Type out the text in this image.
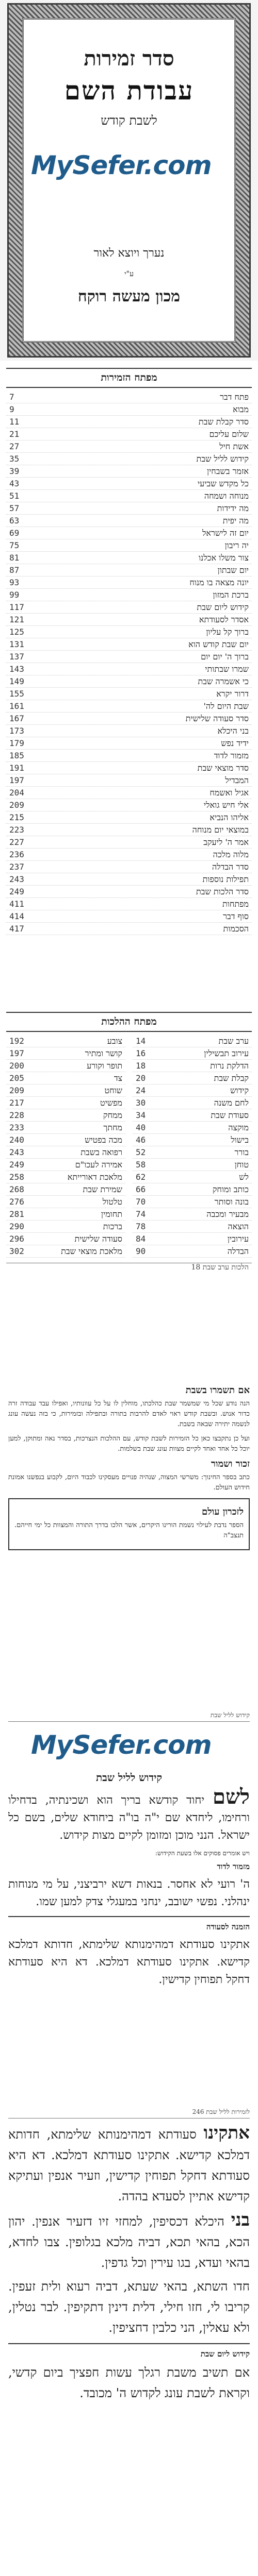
סדר זמירות
עבודת השם
לשבת קודש
נערך ויוצא לאור
ע"י
מכון מעשה רוקח
MySefer.com
מפתח הזמירות
פתח דבר
7
מבוא
9
סדר קבלת שבת
11
שלום עליכם
21
אשת חיל
27
קידוש לליל שבת
35
אזמר בשבחין
39
כל מקדש שביעי
43
מנוחה ושמחה
51
מה ידידות
57
מה יפית
63
יום זה לישראל
69
יה ריבון
75
צור משלו אכלנו
81
יום שבתון
87
יונה מצאה בו מנוח
93
ברכת המזון
99
קידוש ליום שבת
117
אסדר לסעודתא
121
ברוך קל עליון
125
יום שבת קודש הוא
131
ברוך ה' יום יום
137
שמרו שבתותי
143
כי אשמרה שבת
149
דרור יקרא
155
שבת היום לה'
161
סדר סעודה שלישית
167
בני היכלא
173
ידיד נפש
179
מזמור לדוד
185
סדר מוצאי שבת
191
המבדיל
197
אגיל ואשמח
204
אלי חיש גואלי
209
אליהו הנביא
215
במוצאי יום מנוחה
223
אמר ה' ליעקב
227
מלוה מלכה
236
סדר הבדלה
237
תפילות נוספות
243
סדר הלכות שבת
249
מפתחות
411
סוף דבר
414
הסכמות
417
מפתח ההלכות
ערב שבת
14
עירוב תבשילין
16
הדלקת נרות
18
קבלת שבת
20
קידוש
24
לחם משנה
30
סעודת שבת
34
מוקצה
40
בישול
46
בורר
52
טוחן
58
לש
62
כותב ומוחק
66
בונה וסותר
70
מבעיר ומכבה
74
הוצאה
78
עירובין
84
הבדלה
90
צובע
192
קושר ומתיר
197
תופר וקורע
200
צד
205
שוחט
209
מפשיט
217
ממחק
228
מחתך
233
מכה בפטיש
240
רפואה בשבת
243
אמירה לעכו"ם
249
מלאכת דאורייתא
258
שמירת שבת
268
טלטול
276
תחומין
281
ברכות
290
סעודה שלישית
296
מלאכת מוצאי שבת
302
הלכות ערב שבת 18
אם תשמרו בשבת

הנה נודע שכל מי שמשמר שבת כהלכתו, מוחלין לו על כל עוונותיו, ואפילו עבד עבודה זרה כדור אנוש. ובשבת קודש ראוי לאדם להרבות בתורה ובתפילה ובזמירות, כי בזה נעשה עונג לנשמה יתירה שבאה בשבת.

ועל כן נתקבצו כאן כל הזמירות לשבת קודש, עם ההלכות הנצרכות, בסדר נאה ומתוקן, למען יוכל כל אחד ואחד לקיים מצוות עונג שבת בשלמות.

זכור ושמור

כתב בספר החינוך: משרשי המצוה, שנהיה פנויים מעסקינו לכבוד היום, לקבוע בנפשנו אמונת חידוש העולם.

לזכרון עולם

הספר נדבת לעילוי נשמת הורינו היקרים, אשר הלכו בדרך התורה והמצוות כל ימי חייהם. תנצב"ה

קידוש לליל שבת
MySefer.com
קידוש לליל שבת

לשם יחוד קודשא בריך הוא ושכינתיה, בדחילו ורחימו, ליחדא שם י"ה בו"ה ביחודא שלים, בשם כל ישראל. הנני מוכן ומזומן לקיים מצות קידוש.

ויש אומרים פסוקים אלו בשעת הקידוש:

מזמור לדוד

ה' רועי לא אחסר. בנאות דשא ירביצני, על מי מנוחות ינהלני. נפשי ישובב, ינחני במעגלי צדק למען שמו.

הזמנה לסעודה

אתקינו סעודתא דמהימנותא שלימתא, חדותא דמלכא קדישא. אתקינו סעודתא דמלכא. דא היא סעודתא דחקל תפוחין קדישין.

לזמירות לליל שבת 246

אתקינו סעודתא דמהימנותא שלימתא, חדותא דמלכא קדישא. אתקינו סעודתא דמלכא. דא היא סעודתא דחקל תפוחין קדישין, וזעיר אנפין ועתיקא קדישא אתיין לסעדא בהדה.

בני היכלא דכסיפין, למחזי זיו דזעיר אנפין. יהון הכא, בהאי תכא, דביה מלכא בגלופין. צבו לחדא, בהאי ועדא, בגו עירין וכל גדפין.

חדו השתא, בהאי שעתא, דביה רעוא ולית זעפין. קריבו לי, חזו חילי, דלית דינין דתקיפין. לבר נטלין, ולא עאלין, הני כלבין דחציפין.

קידוש ליום שבת

אם תשיב משבת רגלך עשות חפציך ביום קדשי, וקראת לשבת עונג לקדוש ה' מכובד.
